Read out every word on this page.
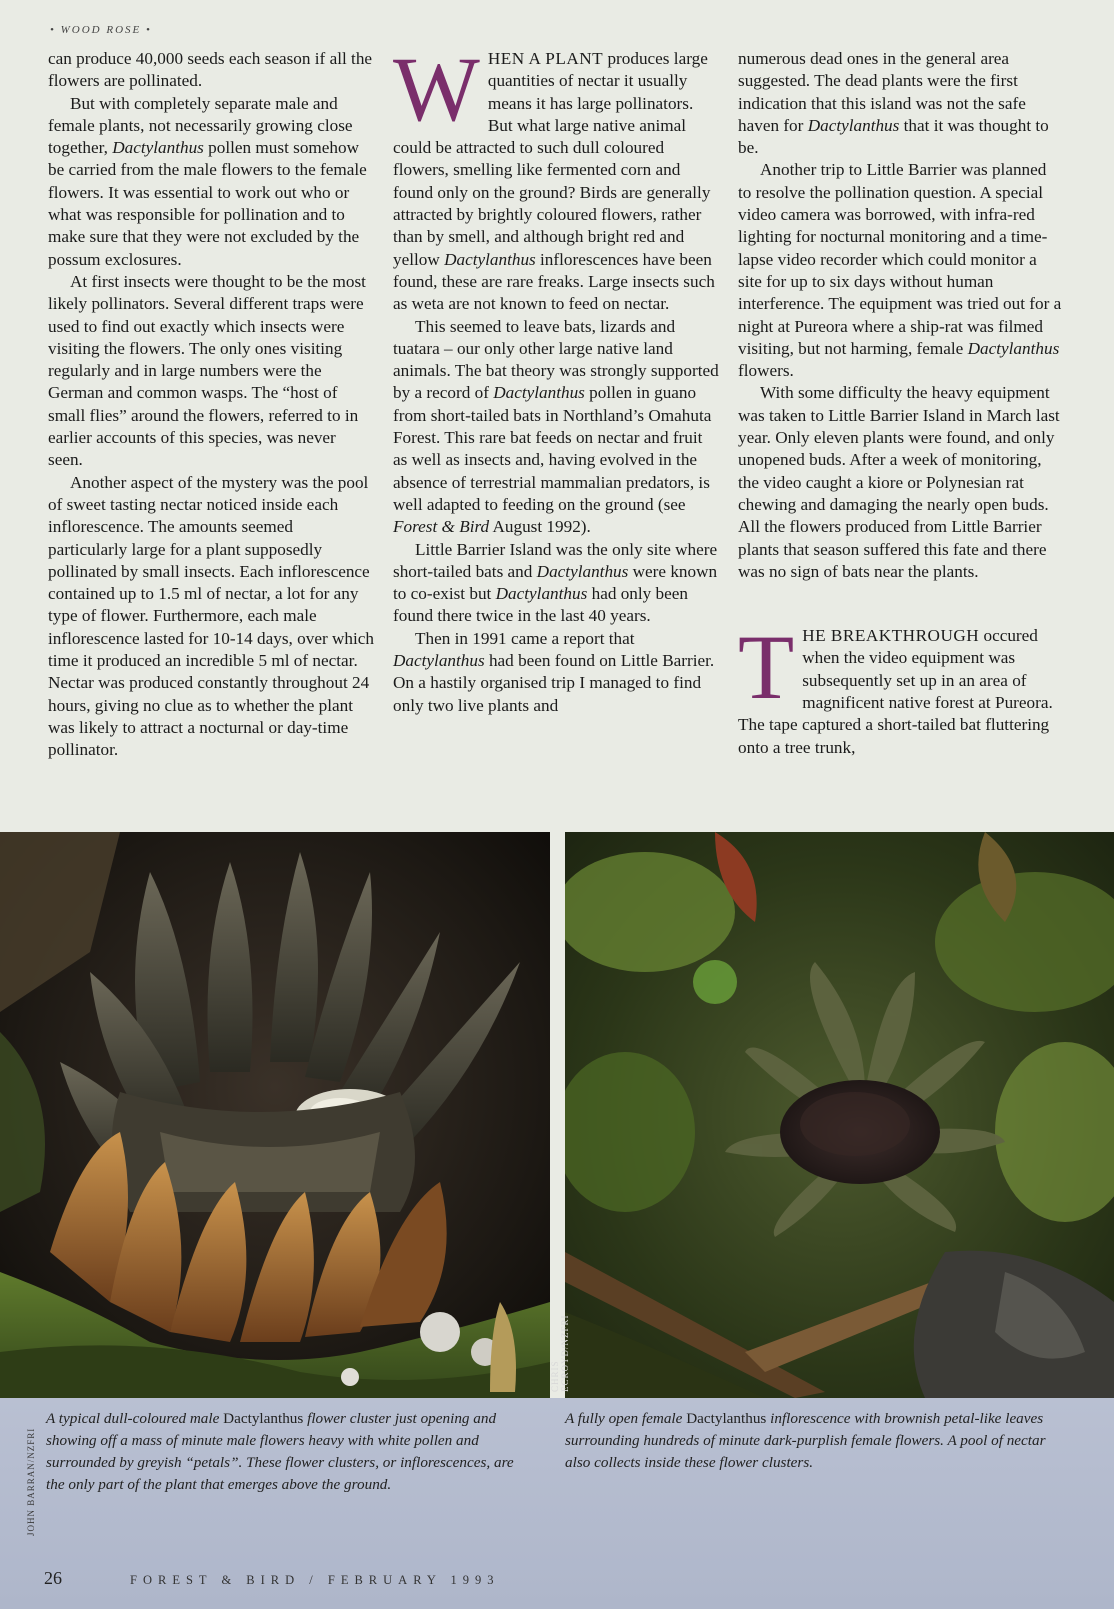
• WOOD ROSE •

can produce 40,000 seeds each season if all the flowers are pollinated.

But with completely separate male and female plants, not necessarily growing close together, Dactylanthus pollen must somehow be carried from the male flowers to the female flowers. It was essential to work out who or what was responsible for pollination and to make sure that they were not excluded by the possum exclosures.

At first insects were thought to be the most likely pollinators. Several different traps were used to find out exactly which insects were visiting the flowers. The only ones visiting regularly and in large numbers were the German and common wasps. The “host of small flies” around the flowers, referred to in earlier accounts of this species, was never seen.

Another aspect of the mystery was the pool of sweet tasting nectar noticed inside each inflorescence. The amounts seemed particularly large for a plant supposedly pollinated by small insects. Each inflorescence contained up to 1.5 ml of nectar, a lot for any type of flower. Furthermore, each male inflorescence lasted for 10-14 days, over which time it produced an incredible 5 ml of nectar. Nectar was produced constantly throughout 24 hours, giving no clue as to whether the plant was likely to attract a nocturnal or day-time pollinator.

WHEN A PLANT produces large quantities of nectar it usually means it has large pollinators. But what large native animal could be attracted to such dull coloured flowers, smelling like fermented corn and found only on the ground? Birds are generally attracted by brightly coloured flowers, rather than by smell, and although bright red and yellow Dactylanthus inflorescences have been found, these are rare freaks. Large insects such as weta are not known to feed on nectar.

This seemed to leave bats, lizards and tuatara – our only other large native land animals. The bat theory was strongly supported by a record of Dactylanthus pollen in guano from short-tailed bats in Northland’s Omahuta Forest. This rare bat feeds on nectar and fruit as well as insects and, having evolved in the absence of terrestrial mammalian predators, is well adapted to feeding on the ground (see Forest & Bird August 1992).

Little Barrier Island was the only site where short-tailed bats and Dactylanthus were known to co-exist but Dactylanthus had only been found there twice in the last 40 years.

Then in 1991 came a report that Dactylanthus had been found on Little Barrier. On a hastily organised trip I managed to find only two live plants and

numerous dead ones in the general area suggested. The dead plants were the first indication that this island was not the safe haven for Dactylanthus that it was thought to be.

Another trip to Little Barrier was planned to resolve the pollination question. A special video camera was borrowed, with infra-red lighting for nocturnal monitoring and a time-lapse video recorder which could monitor a site for up to six days without human interference. The equipment was tried out for a night at Pureora where a ship-rat was filmed visiting, but not harming, female Dactylanthus flowers.

With some difficulty the heavy equipment was taken to Little Barrier Island in March last year. Only eleven plants were found, and only unopened buds. After a week of monitoring, the video caught a kiore or Polynesian rat chewing and damaging the nearly open buds. All the flowers produced from Little Barrier plants that season suffered this fate and there was no sign of bats near the plants.

THE BREAKTHROUGH occured when the video equipment was subsequently set up in an area of magnificent native forest at Pureora. The tape captured a short-tailed bat fluttering onto a tree trunk,

CHRIS ECROYD/NZFRI
JOHN BARRAN/NZFRI
A typical dull-coloured male Dactylanthus flower cluster just opening and showing off a mass of minute male flowers heavy with white pollen and surrounded by greyish “petals”. These flower clusters, or inflorescences, are the only part of the plant that emerges above the ground.
A fully open female Dactylanthus inflorescence with brownish petal-like leaves surrounding hundreds of minute dark-purplish female flowers. A pool of nectar also collects inside these flower clusters.
26	FOREST & BIRD / FEBRUARY 1993
